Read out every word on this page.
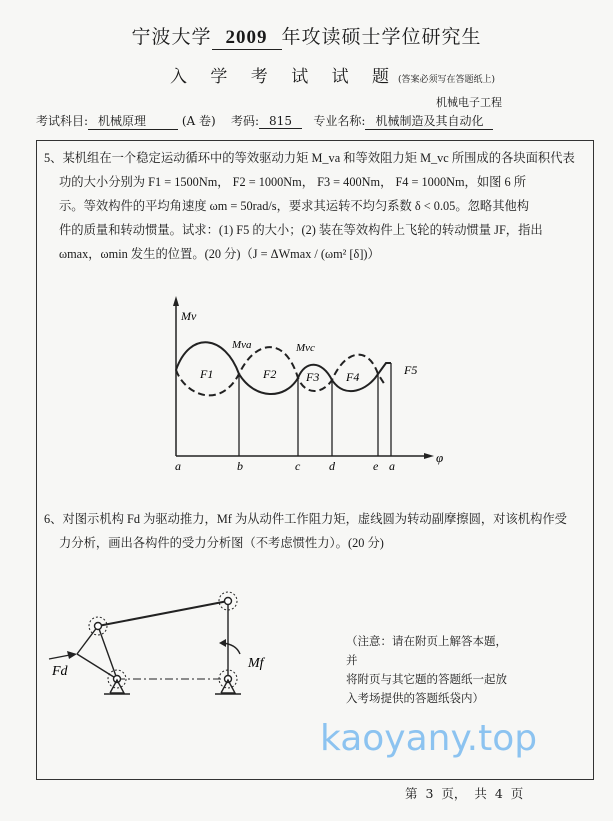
宁波大学 2009 年攻读硕士学位研究生
入 学 考 试 试 题(答案必须写在答题纸上)
机械电子工程
考试科目: 机械原理	(A 卷) 考码: 815 专业名称: 机械制造及其自动化
5、某机组在一个稳定运动循环中的等效驱动力矩 M_va 和等效阻力矩 M_vc 所围成的各块面积代表
功的大小分别为 F1 = 1500Nm， F2 = 1000Nm， F3 = 400Nm， F4 = 1000Nm，如图 6 所
示。等效构件的平均角速度 ωm = 50rad/s，要求其运转不均匀系数 δ < 0.05。忽略其他构
件的质量和转动惯量。试求：(1) F5 的大小；(2) 装在等效构件上飞轮的转动惯量 JF，指出
ωmax，ωmin 发生的位置。(20 分)（J = ΔWmax / (ωm² [δ])）
Mv
φ
Mva	Mvc
F1	F2 F3 F4	F5
a	b	c d	e a
Fd
Mf
6、对图示机构 Fd 为驱动推力，Mf 为从动件工作阻力矩，虚线圆为转动副摩擦圆，对该机构作受
力分析，画出各构件的受力分析图（不考虑惯性力）。(20 分)
（注意：请在附页上解答本题，并
将附页与其它题的答题纸一起放
入考场提供的答题纸袋内）
kaoyany.top
第 3 页， 共 4 页
